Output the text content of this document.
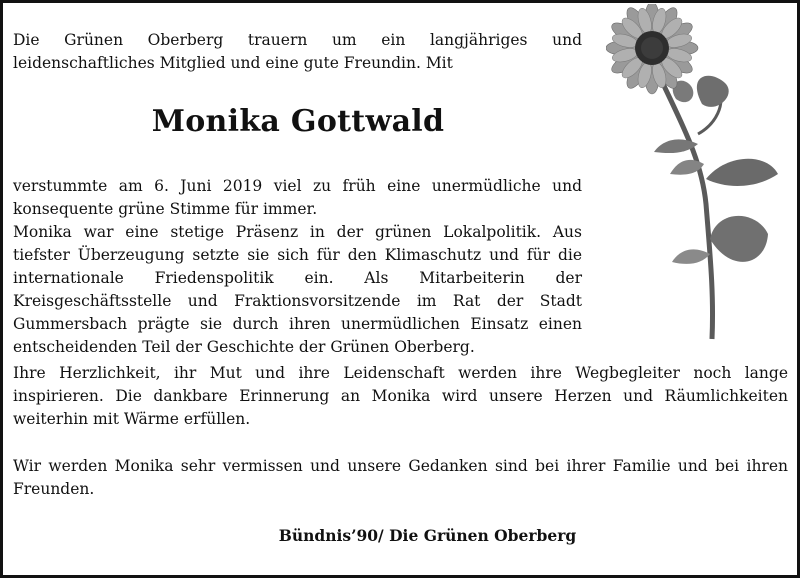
Die Grünen Oberberg trauern um ein langjähriges und leidenschaftliches Mitglied und eine gute Freundin. Mit
Monika Gottwald
verstummte am 6. Juni 2019 viel zu früh eine unermüdliche und konsequente grüne Stimme für immer.
Monika war eine stetige Präsenz in der grünen Lokalpolitik. Aus tiefster Überzeugung setzte sie sich für den Klimaschutz und für die internationale Friedenspolitik ein. Als Mitarbeiterin der Kreisgeschäftsstelle und Fraktionsvorsitzende im Rat der Stadt Gummersbach prägte sie durch ihren unermüdlichen Einsatz einen entscheidenden Teil der Geschichte der Grünen Oberberg.
Ihre Herzlichkeit, ihr Mut und ihre Leidenschaft werden ihre Wegbegleiter noch lange inspirieren. Die dankbare Erinnerung an Monika wird unsere Herzen und Räumlichkeiten weiterhin mit Wärme erfüllen.
Wir werden Monika sehr vermissen und unsere Gedanken sind bei ihrer Familie und bei ihren Freunden.
Bündnis’90/ Die Grünen Oberberg
